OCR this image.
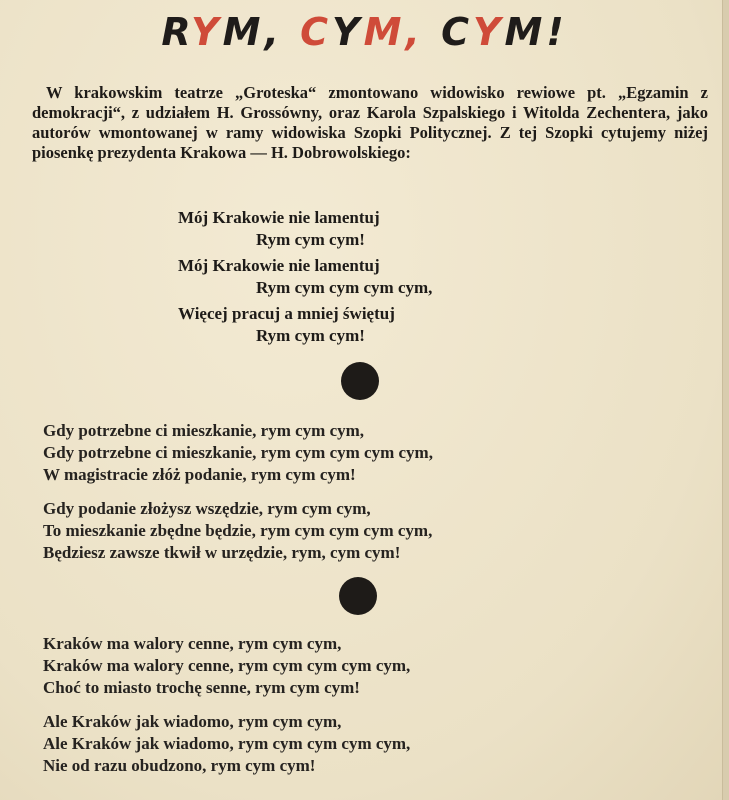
RYM, CYM, CYM!
W krakowskim teatrze „Groteska“ zmontowano widowisko rewiowe pt. „Egzamin z demokracji“, z udziałem H. Grossówny, oraz Karola Szpalskiego i Witolda Zechentera, jako autorów wmontowanej w ramy widowiska Szopki Politycznej. Z tej Szopki cytujemy niżej piosenkę prezydenta Krakowa — H. Dobrowolskiego:
Mój Krakowie nie lamentuj
Rym cym cym!
Mój Krakowie nie lamentuj
Rym cym cym cym cym,
Więcej pracuj a mniej świętuj
Rym cym cym!
Gdy potrzebne ci mieszkanie, rym cym cym,
Gdy potrzebne ci mieszkanie, rym cym cym cym cym,
W magistracie złóż podanie, rym cym cym!
Gdy podanie złożysz wszędzie, rym cym cym,
To mieszkanie zbędne będzie, rym cym cym cym cym,
Będziesz zawsze tkwił w urzędzie, rym, cym cym!
Kraków ma walory cenne, rym cym cym,
Kraków ma walory cenne, rym cym cym cym cym,
Choć to miasto trochę senne, rym cym cym!
Ale Kraków jak wiadomo, rym cym cym,
Ale Kraków jak wiadomo, rym cym cym cym cym,
Nie od razu obudzono, rym cym cym!
